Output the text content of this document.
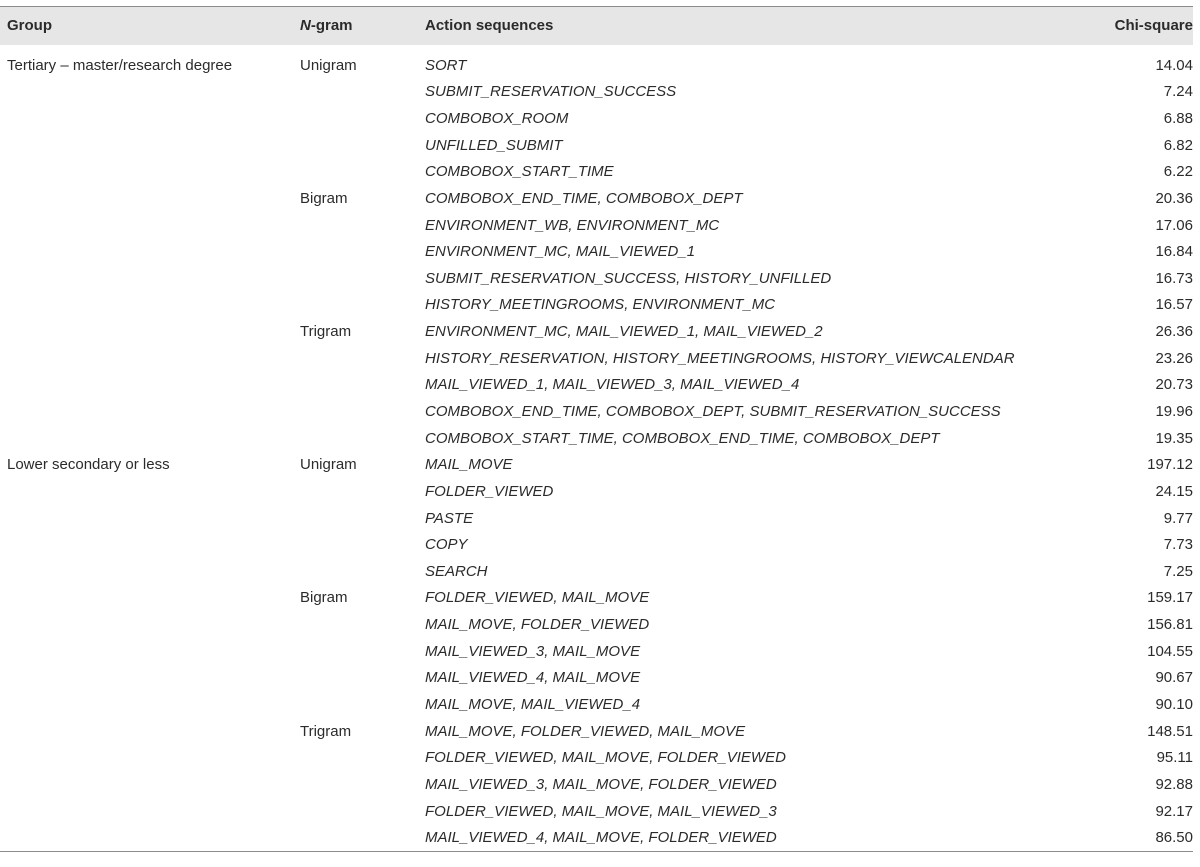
Group	N-gram	Action sequences	Chi-square
Tertiary – master/research degree	Unigram	SORT	14.04
		SUBMIT_RESERVATION_SUCCESS	7.24
		COMBOBOX_ROOM	6.88
		UNFILLED_SUBMIT	6.82
		COMBOBOX_START_TIME	6.22
	Bigram	COMBOBOX_END_TIME, COMBOBOX_DEPT	20.36
		ENVIRONMENT_WB, ENVIRONMENT_MC	17.06
		ENVIRONMENT_MC, MAIL_VIEWED_1	16.84
		SUBMIT_RESERVATION_SUCCESS, HISTORY_UNFILLED	16.73
		HISTORY_MEETINGROOMS, ENVIRONMENT_MC	16.57
	Trigram	ENVIRONMENT_MC, MAIL_VIEWED_1, MAIL_VIEWED_2	26.36
		HISTORY_RESERVATION, HISTORY_MEETINGROOMS, HISTORY_VIEWCALENDAR	23.26
		MAIL_VIEWED_1, MAIL_VIEWED_3, MAIL_VIEWED_4	20.73
		COMBOBOX_END_TIME, COMBOBOX_DEPT, SUBMIT_RESERVATION_SUCCESS	19.96
		COMBOBOX_START_TIME, COMBOBOX_END_TIME, COMBOBOX_DEPT	19.35
Lower secondary or less	Unigram	MAIL_MOVE	197.12
		FOLDER_VIEWED	24.15
		PASTE	9.77
		COPY	7.73
		SEARCH	7.25
	Bigram	FOLDER_VIEWED, MAIL_MOVE	159.17
		MAIL_MOVE, FOLDER_VIEWED	156.81
		MAIL_VIEWED_3, MAIL_MOVE	104.55
		MAIL_VIEWED_4, MAIL_MOVE	90.67
		MAIL_MOVE, MAIL_VIEWED_4	90.10
	Trigram	MAIL_MOVE, FOLDER_VIEWED, MAIL_MOVE	148.51
		FOLDER_VIEWED, MAIL_MOVE, FOLDER_VIEWED	95.11
		MAIL_VIEWED_3, MAIL_MOVE, FOLDER_VIEWED	92.88
		FOLDER_VIEWED, MAIL_MOVE, MAIL_VIEWED_3	92.17
		MAIL_VIEWED_4, MAIL_MOVE, FOLDER_VIEWED	86.50
